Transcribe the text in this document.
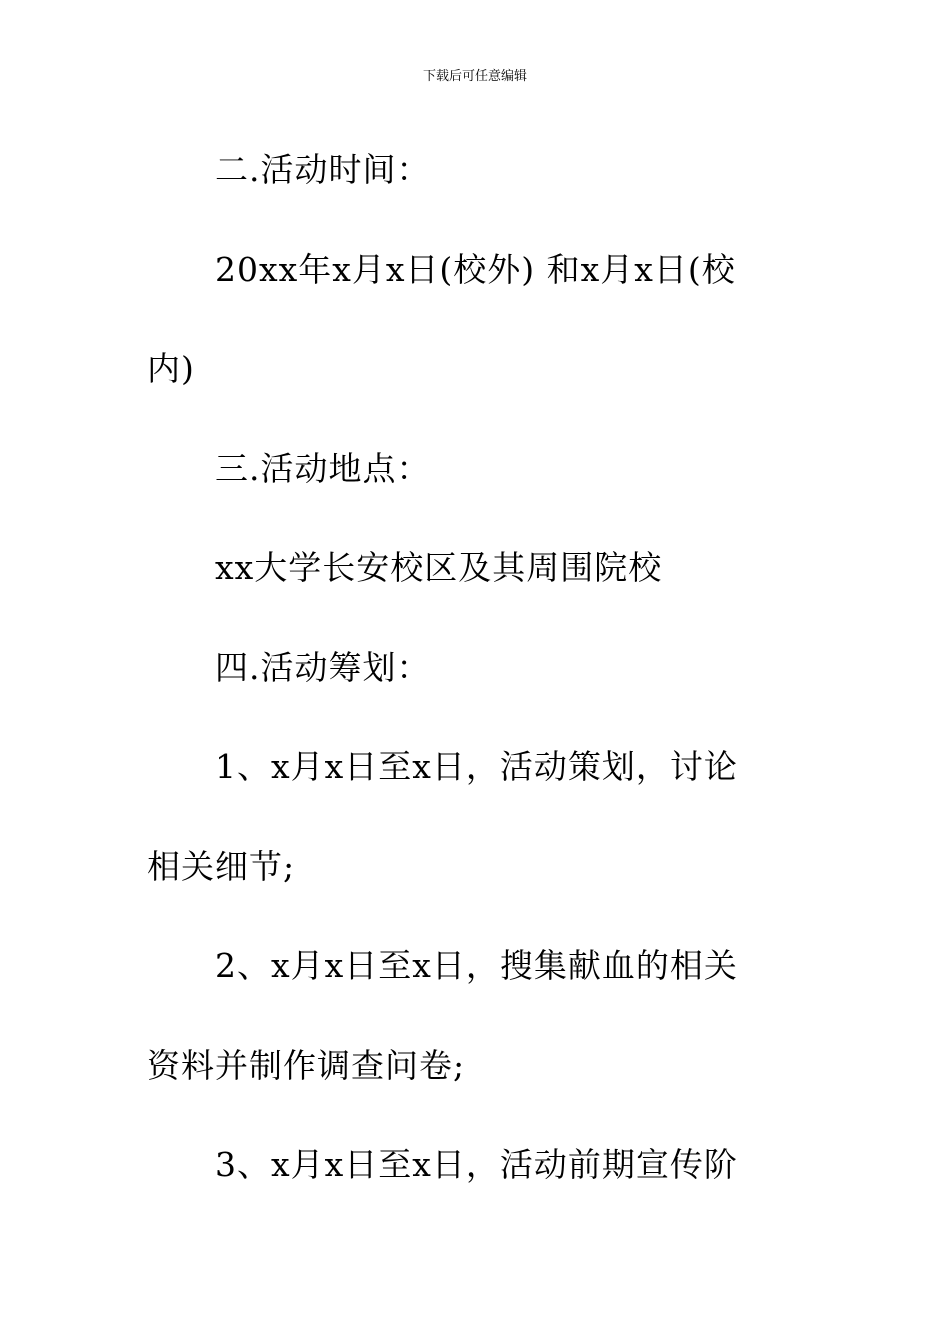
下载后可任意编辑

二.活动时间：

20xx年x月x日(校外) 和x月x日(校

内)

三.活动地点：

xx大学长安校区及其周围院校

四.活动筹划：

1、x月x日至x日，活动策划，讨论

相关细节;

2、x月x日至x日，搜集献血的相关

资料并制作调查问卷;

3、x月x日至x日，活动前期宣传阶
